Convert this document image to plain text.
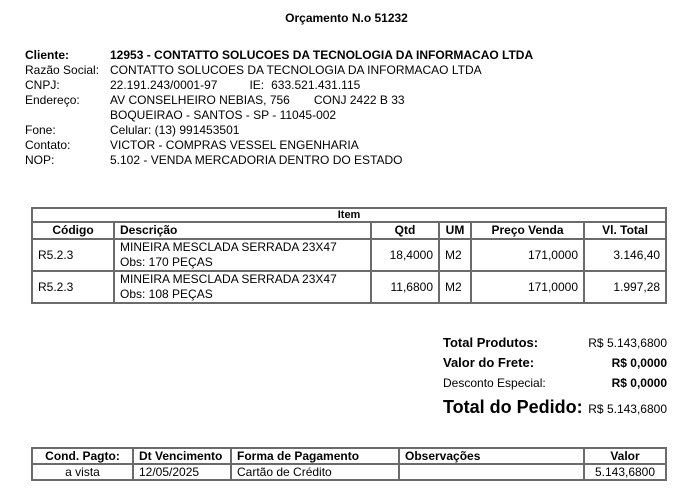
Orçamento N.o 51232
Cliente:	12953 - CONTATTO SOLUCOES DA TECNOLOGIA DA INFORMACAO LTDA
Razão Social: CONTATTO SOLUCOES DA TECNOLOGIA DA INFORMACAO LTDA
CNPJ:	22.191.243/0001-97	IE: 633.521.431.115
Endereço:	AV CONSELHEIRO NEBIAS, 756 CONJ 2422 B 33
BOQUEIRAO - SANTOS - SP - 11045-002
Fone:	Celular: (13) 991453501
Contato:	VICTOR - COMPRAS VESSEL ENGENHARIA
NOP:	5.102 - VENDA MERCADORIA DENTRO DO ESTADO
Item					
Código	Descrição	Qtd	UM	Preço Venda	Vl. Total
R5.2.3	MINEIRA MESCLADA SERRADA 23X47
Obs: 170 PEÇAS	18,4000	M2	171,0000	3.146,40
R5.2.3	MINEIRA MESCLADA SERRADA 23X47
Obs: 108 PEÇAS	11,6800	M2	171,0000	1.997,28
Total Produtos:	R$ 5.143,6800
Valor do Frete:	R$ 0,0000
Desconto Especial:	R$ 0,0000
Total do Pedido: R$ 5.143,6800
Cond. Pagto:	Dt Vencimento	Forma de Pagamento	Observações	Valor
a vista	12/05/2025	Cartão de Crédito		5.143,6800
